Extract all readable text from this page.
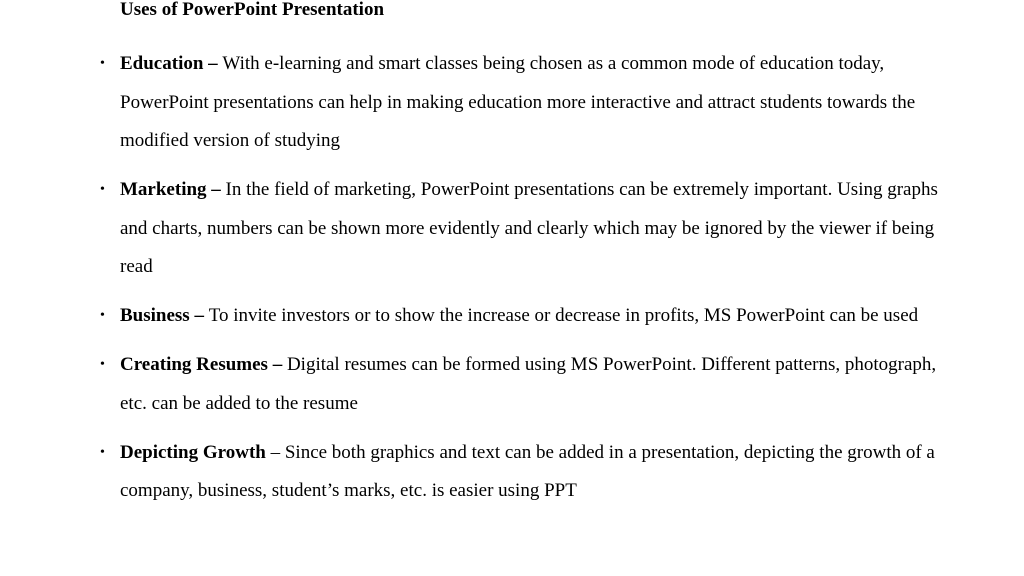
Uses of PowerPoint Presentation
• Education – With e-learning and smart classes being chosen as a common mode of education today, PowerPoint presentations can help in making education more interactive and attract students towards the modified version of studying
• Marketing – In the field of marketing, PowerPoint presentations can be extremely important. Using graphs and charts, numbers can be shown more evidently and clearly which may be ignored by the viewer if being read
• Business – To invite investors or to show the increase or decrease in profits, MS PowerPoint can be used
• Creating Resumes – Digital resumes can be formed using MS PowerPoint. Different patterns, photograph, etc. can be added to the resume
• Depicting Growth – Since both graphics and text can be added in a presentation, depicting the growth of a company, business, student’s marks, etc. is easier using PPT
